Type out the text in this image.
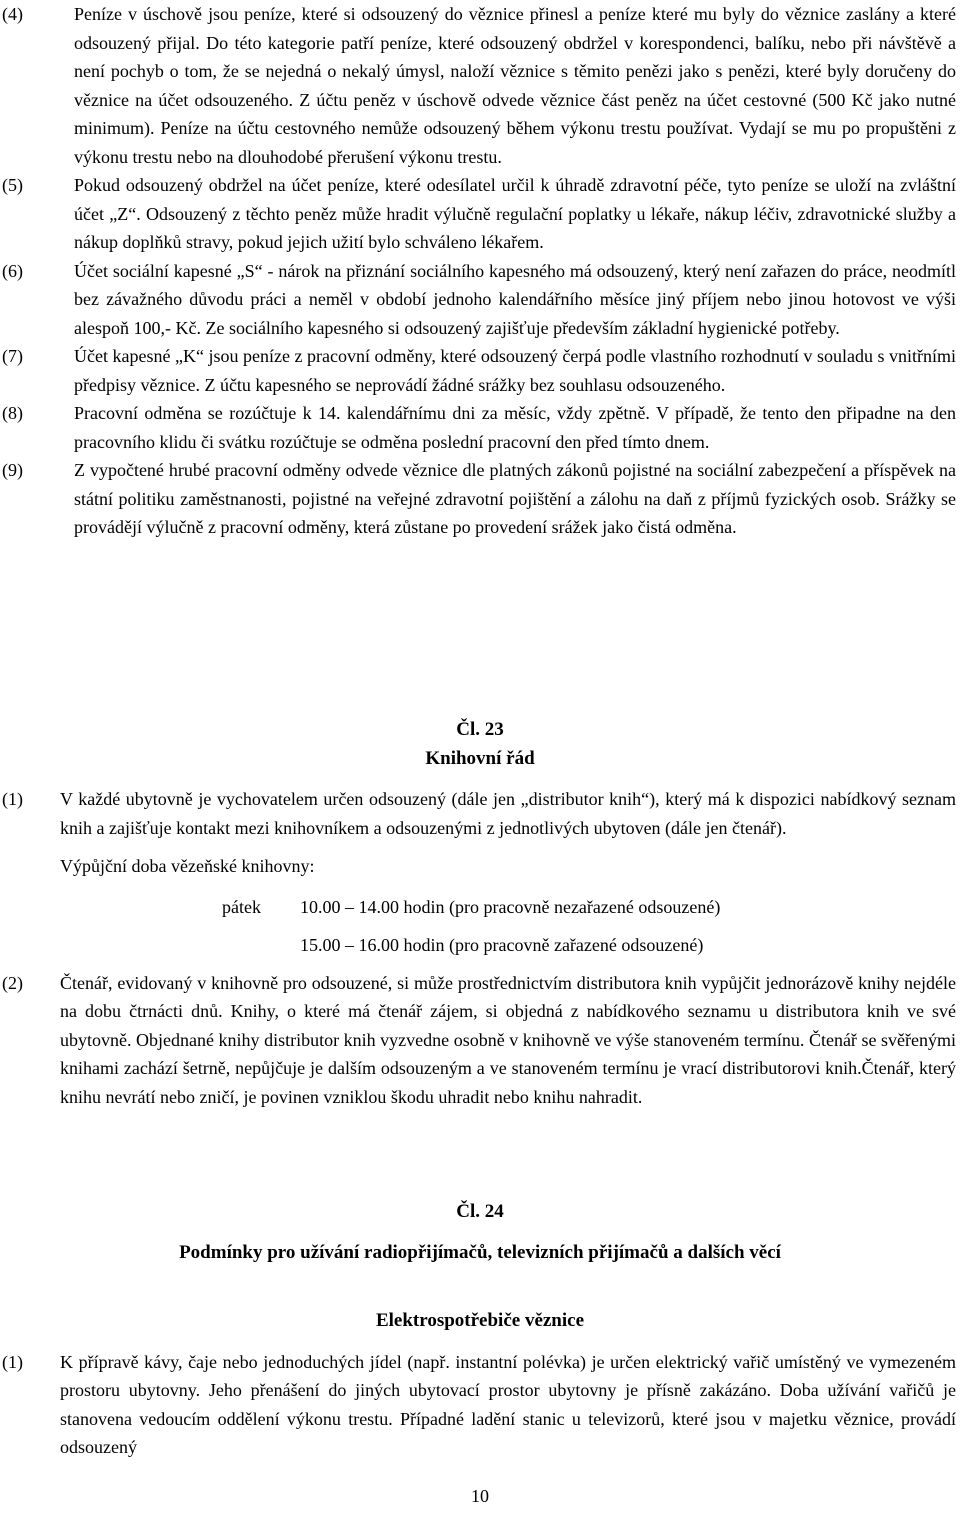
(4)	Peníze v úschově jsou peníze, které si odsouzený do věznice přinesl a peníze které mu byly do věznice zaslány a které odsouzený přijal. Do této kategorie patří peníze, které odsouzený obdržel v korespondenci, balíku, nebo při návštěvě a není pochyb o tom, že se nejedná o nekalý úmysl, naloží věznice s těmito penězi jako s penězi, které byly doručeny do věznice na účet odsouzeného. Z účtu peněz v úschově odvede věznice část peněz na účet cestovné (500 Kč jako nutné minimum). Peníze na účtu cestovného nemůže odsouzený během výkonu trestu používat. Vydají se mu po propuštěni z výkonu trestu nebo na dlouhodobé přerušení výkonu trestu.

(5)	Pokud odsouzený obdržel na účet peníze, které odesílatel určil k úhradě zdravotní péče, tyto peníze se uloží na zvláštní účet „Z“. Odsouzený z těchto peněz může hradit výlučně regulační poplatky u lékaře, nákup léčiv, zdravotnické služby a nákup doplňků stravy, pokud jejich užití bylo schváleno lékařem.

(6)	Účet sociální kapesné „S“ - nárok na přiznání sociálního kapesného má odsouzený, který není zařazen do práce, neodmítl bez závažného důvodu práci a neměl v období jednoho kalendářního měsíce jiný příjem nebo jinou hotovost ve výši alespoň 100,- Kč. Ze sociálního kapesného si odsouzený zajišťuje především základní hygienické potřeby.

(7)	Účet kapesné „K“ jsou peníze z pracovní odměny, které odsouzený čerpá podle vlastního rozhodnutí v souladu s vnitřními předpisy věznice. Z účtu kapesného se neprovádí žádné srážky bez souhlasu odsouzeného.

(8)	Pracovní odměna se rozúčtuje k 14. kalendářnímu dni za měsíc, vždy zpětně. V případě, že tento den připadne na den pracovního klidu či svátku rozúčtuje se odměna poslední pracovní den před tímto dnem.

(9)	Z vypočtené hrubé pracovní odměny odvede věznice dle platných zákonů pojistné na sociální zabezpečení a příspěvek na státní politiku zaměstnanosti, pojistné na veřejné zdravotní pojištění a zálohu na daň z příjmů fyzických osob. Srážky se provádějí výlučně z pracovní odměny, která zůstane po provedení srážek jako čistá odměna.

Čl. 23

Knihovní řád

(1) V každé ubytovně je vychovatelem určen odsouzený (dále jen „distributor knih“), který má k dispozici nabídkový seznam knih a zajišťuje kontakt mezi knihovníkem a odsouzenými z jednotlivých ubytoven (dále jen čtenář).

Výpůjční doba vězeňské knihovny:

pátek 10.00 – 14.00 hodin (pro pracovně nezařazené odsouzené)
15.00 – 16.00 hodin (pro pracovně zařazené odsouzené)
(2) Čtenář, evidovaný v knihovně pro odsouzené, si může prostřednictvím distributora knih vypůjčit jednorázově knihy nejdéle na dobu čtrnácti dnů. Knihy, o které má čtenář zájem, si objedná z nabídkového seznamu u distributora knih ve své ubytovně. Objednané knihy distributor knih vyzvedne osobně v knihovně ve výše stanoveném termínu. Čtenář se svěřenými knihami zachází šetrně, nepůjčuje je dalším odsouzeným a ve stanoveném termínu je vrací distributorovi knih.Čtenář, který knihu nevrátí nebo zničí, je povinen vzniklou škodu uhradit nebo knihu nahradit.

Čl. 24

Podmínky pro užívání radiopřijímačů, televizních přijímačů a dalších věcí

Elektrospotřebiče věznice

(1) K přípravě kávy, čaje nebo jednoduchých jídel (např. instantní polévka) je určen elektrický vařič umístěný ve vymezeném prostoru ubytovny. Jeho přenášení do jiných ubytovací prostor ubytovny je přísně zakázáno. Doba užívání vařičů je stanovena vedoucím oddělení výkonu trestu. Případné ladění stanic u televizorů, které jsou v majetku věznice, provádí odsouzený

10
